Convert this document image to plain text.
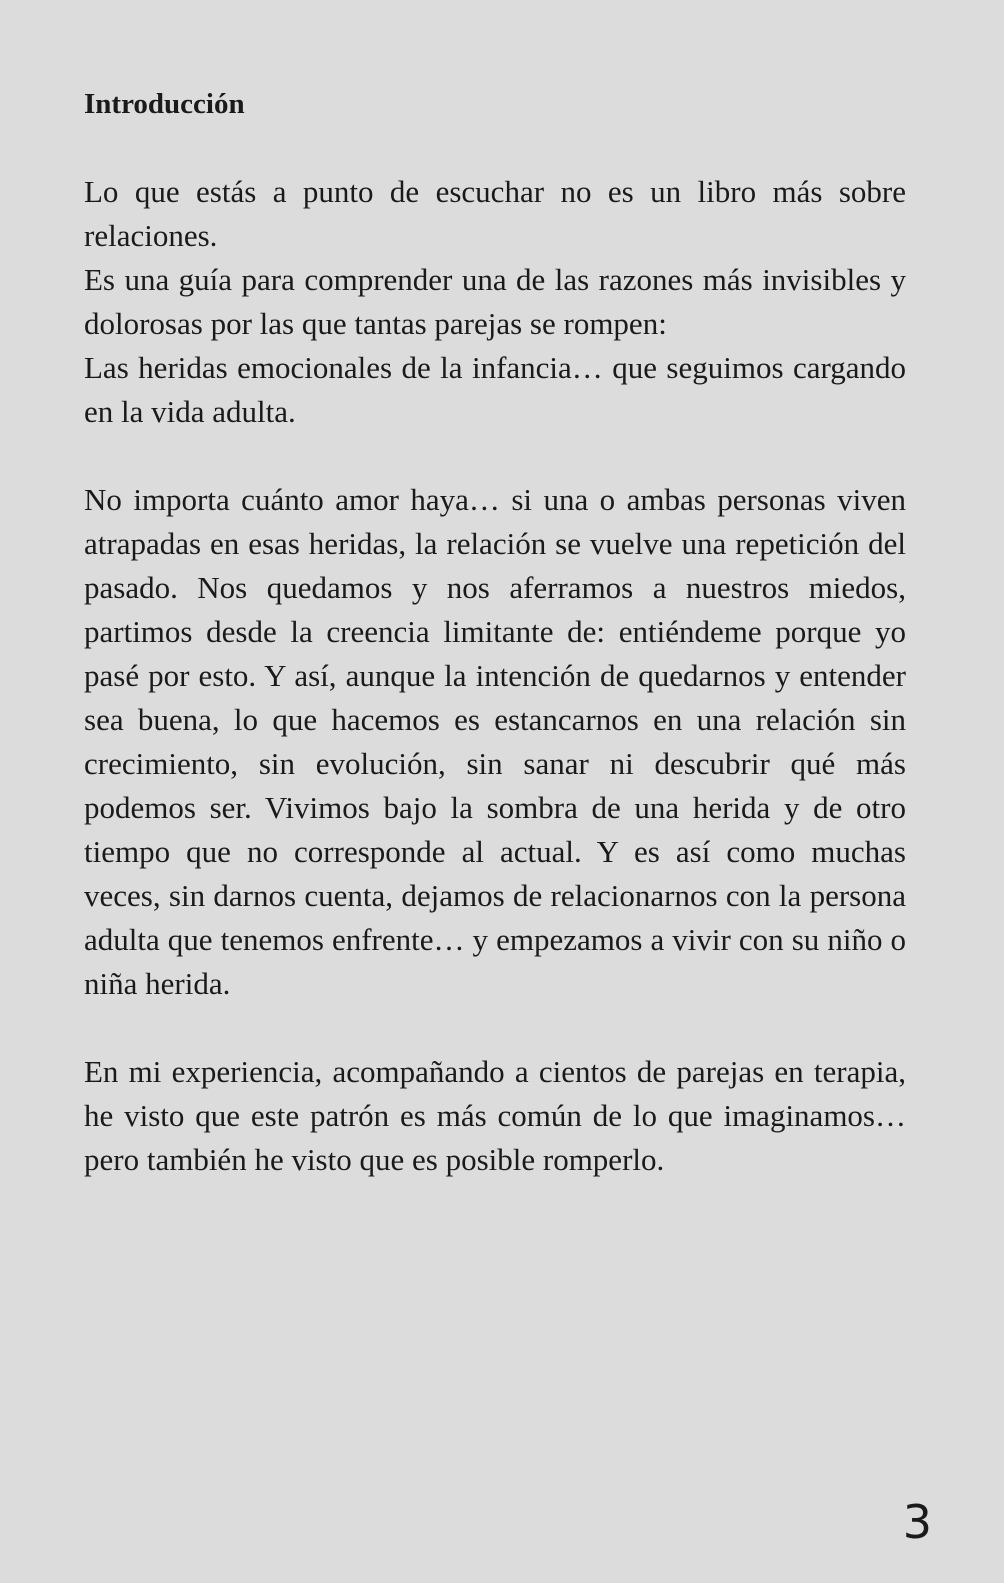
Introducción

Lo que estás a punto de escuchar no es un libro más sobre relaciones.

Es una guía para comprender una de las razones más invisibles y dolorosas por las que tantas parejas se rompen:

Las heridas emocionales de la infancia… que seguimos cargando en la vida adulta.

No importa cuánto amor haya… si una o ambas personas viven atrapadas en esas heridas, la relación se vuelve una repetición del pasado. Nos quedamos y nos aferramos a nuestros miedos, partimos desde la creencia limitante de: entiéndeme porque yo pasé por esto. Y así, aunque la intención de quedarnos y entender sea buena, lo que hacemos es estancarnos en una relación sin crecimiento, sin evolución, sin sanar ni descubrir qué más podemos ser. Vivimos bajo la sombra de una herida y de otro tiempo que no corresponde al actual. Y es así como muchas veces, sin darnos cuenta, dejamos de relacionarnos con la persona adulta que tenemos enfrente… y empezamos a vivir con su niño o niña herida.

En mi experiencia, acompañando a cientos de parejas en terapia, he visto que este patrón es más común de lo que imaginamos… pero también he visto que es posible romperlo.

3
